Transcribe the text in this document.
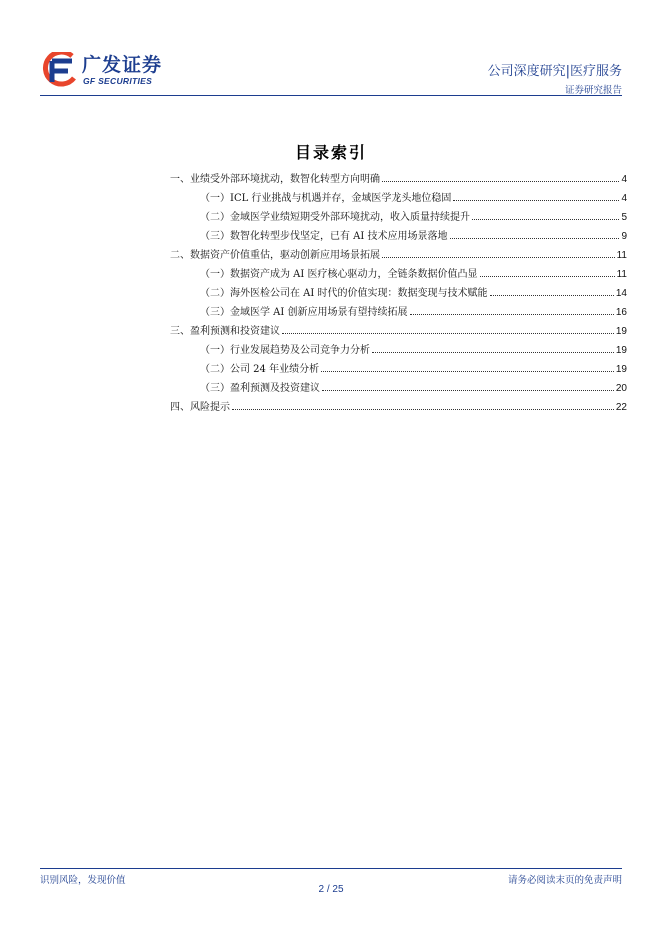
广发证券
GF SECURITIES
公司深度研究|医疗服务
证券研究报告
目录索引
一、业绩受外部环境扰动，数智化转型方向明确	4
（一）ICL 行业挑战与机遇并存，金域医学龙头地位稳固	4
（二）金域医学业绩短期受外部环境扰动，收入质量持续提升	5
（三）数智化转型步伐坚定，已有 AI 技术应用场景落地	9
二、数据资产价值重估，驱动创新应用场景拓展	11
（一）数据资产成为 AI 医疗核心驱动力，全链条数据价值凸显	11
（二）海外医检公司在 AI 时代的价值实现：数据变现与技术赋能	14
（三）金域医学 AI 创新应用场景有望持续拓展	16
三、盈利预测和投资建议	19
（一）行业发展趋势及公司竞争力分析	19
（二）公司 24 年业绩分析	19
（三）盈利预测及投资建议	20
四、风险提示	22
识别风险，发现价值	请务必阅读末页的免责声明
2 / 25
